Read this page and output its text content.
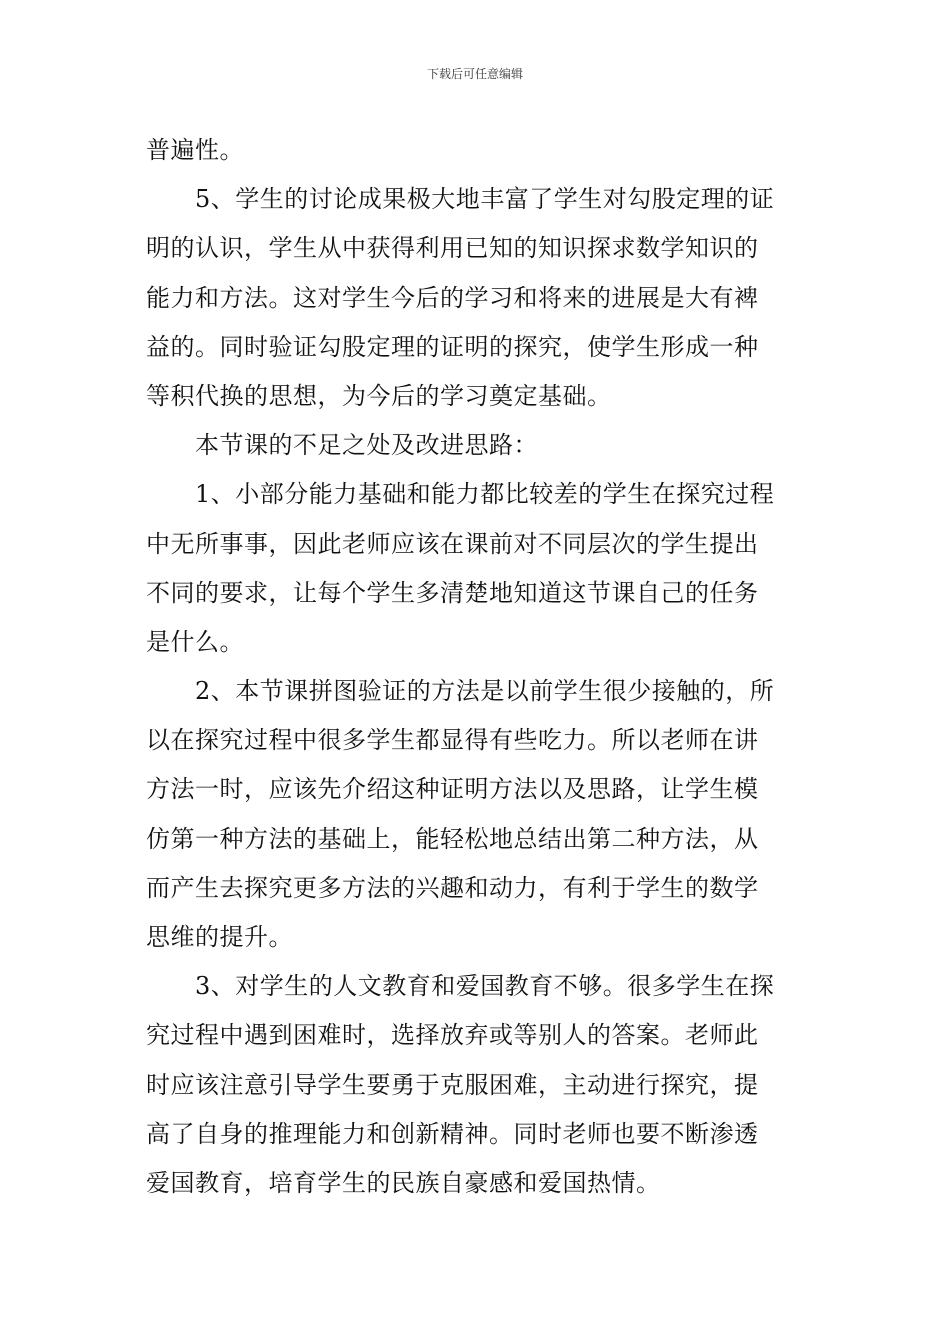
下载后可任意编辑
普遍性。
　　5、学生的讨论成果极大地丰富了学生对勾股定理的证
明的认识，学生从中获得利用已知的知识探求数学知识的
能力和方法。这对学生今后的学习和将来的进展是大有裨
益的。同时验证勾股定理的证明的探究，使学生形成一种
等积代换的思想，为今后的学习奠定基础。
　　本节课的不足之处及改进思路：
　　1、小部分能力基础和能力都比较差的学生在探究过程
中无所事事，因此老师应该在课前对不同层次的学生提出
不同的要求，让每个学生多清楚地知道这节课自己的任务
是什么。
　　2、本节课拼图验证的方法是以前学生很少接触的，所
以在探究过程中很多学生都显得有些吃力。所以老师在讲
方法一时，应该先介绍这种证明方法以及思路，让学生模
仿第一种方法的基础上，能轻松地总结出第二种方法，从
而产生去探究更多方法的兴趣和动力，有利于学生的数学
思维的提升。
　　3、对学生的人文教育和爱国教育不够。很多学生在探
究过程中遇到困难时，选择放弃或等别人的答案。老师此
时应该注意引导学生要勇于克服困难，主动进行探究，提
高了自身的推理能力和创新精神。同时老师也要不断渗透
爱国教育，培育学生的民族自豪感和爱国热情。
